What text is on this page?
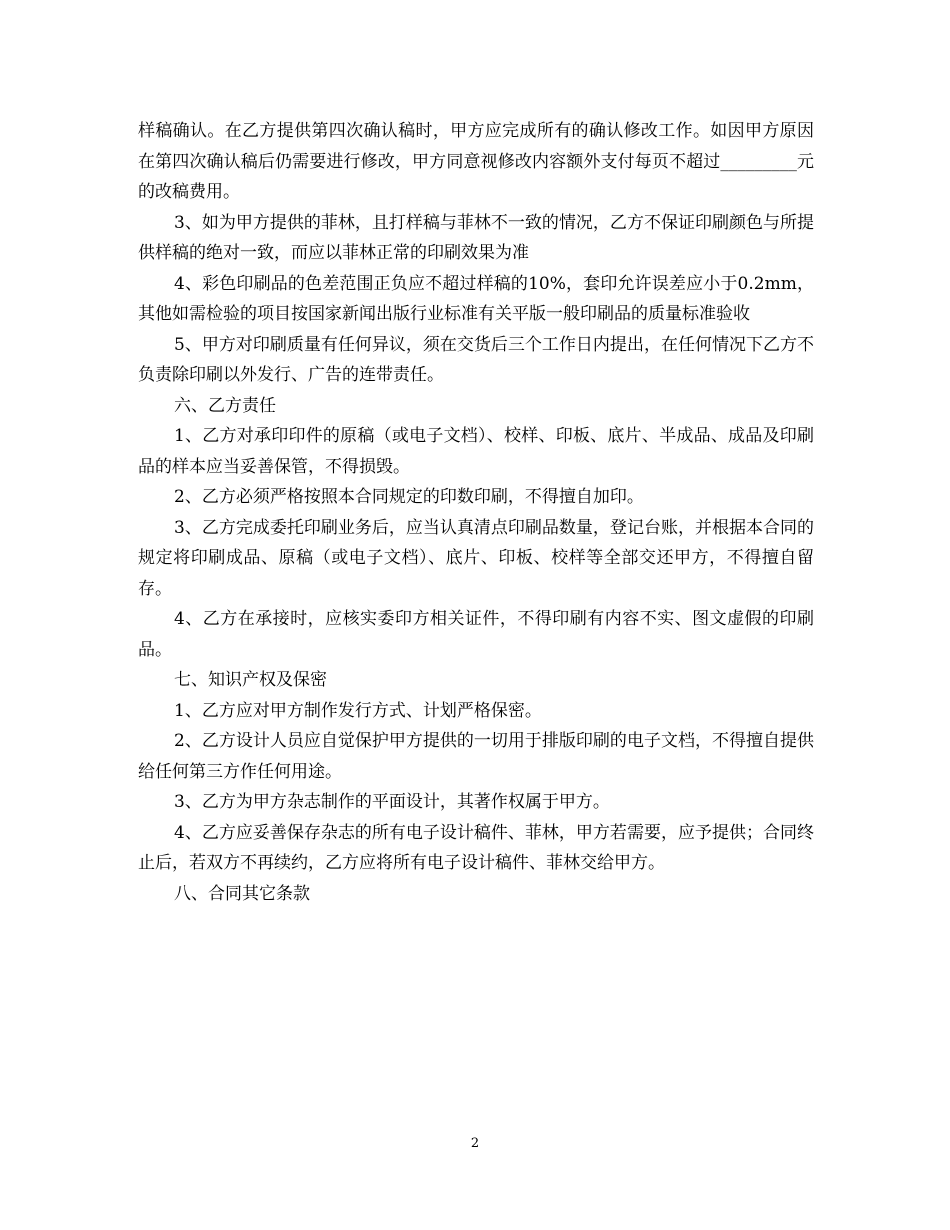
样稿确认。在乙方提供第四次确认稿时，甲方应完成所有的确认修改工作。如因甲方原因在第四次确认稿后仍需要进行修改，甲方同意视修改内容额外支付每页不超过_________元的改稿费用。

3、如为甲方提供的菲林，且打样稿与菲林不一致的情况，乙方不保证印刷颜色与所提供样稿的绝对一致，而应以菲林正常的印刷效果为准

4、彩色印刷品的色差范围正负应不超过样稿的10%，套印允许误差应小于0.2mm，其他如需检验的项目按国家新闻出版行业标准有关平版一般印刷品的质量标准验收

5、甲方对印刷质量有任何异议，须在交货后三个工作日内提出，在任何情况下乙方不负责除印刷以外发行、广告的连带责任。

六、乙方责任

1、乙方对承印印件的原稿（或电子文档）、校样、印板、底片、半成品、成品及印刷品的样本应当妥善保管，不得损毁。

2、乙方必须严格按照本合同规定的印数印刷，不得擅自加印。

3、乙方完成委托印刷业务后，应当认真清点印刷品数量，登记台账，并根据本合同的规定将印刷成品、原稿（或电子文档）、底片、印板、校样等全部交还甲方，不得擅自留存。

4、乙方在承接时，应核实委印方相关证件，不得印刷有内容不实、图文虚假的印刷品。

七、知识产权及保密

1、乙方应对甲方制作发行方式、计划严格保密。

2、乙方设计人员应自觉保护甲方提供的一切用于排版印刷的电子文档，不得擅自提供给任何第三方作任何用途。

3、乙方为甲方杂志制作的平面设计，其著作权属于甲方。

4、乙方应妥善保存杂志的所有电子设计稿件、菲林，甲方若需要，应予提供；合同终止后，若双方不再续约，乙方应将所有电子设计稿件、菲林交给甲方。

八、合同其它条款

2
